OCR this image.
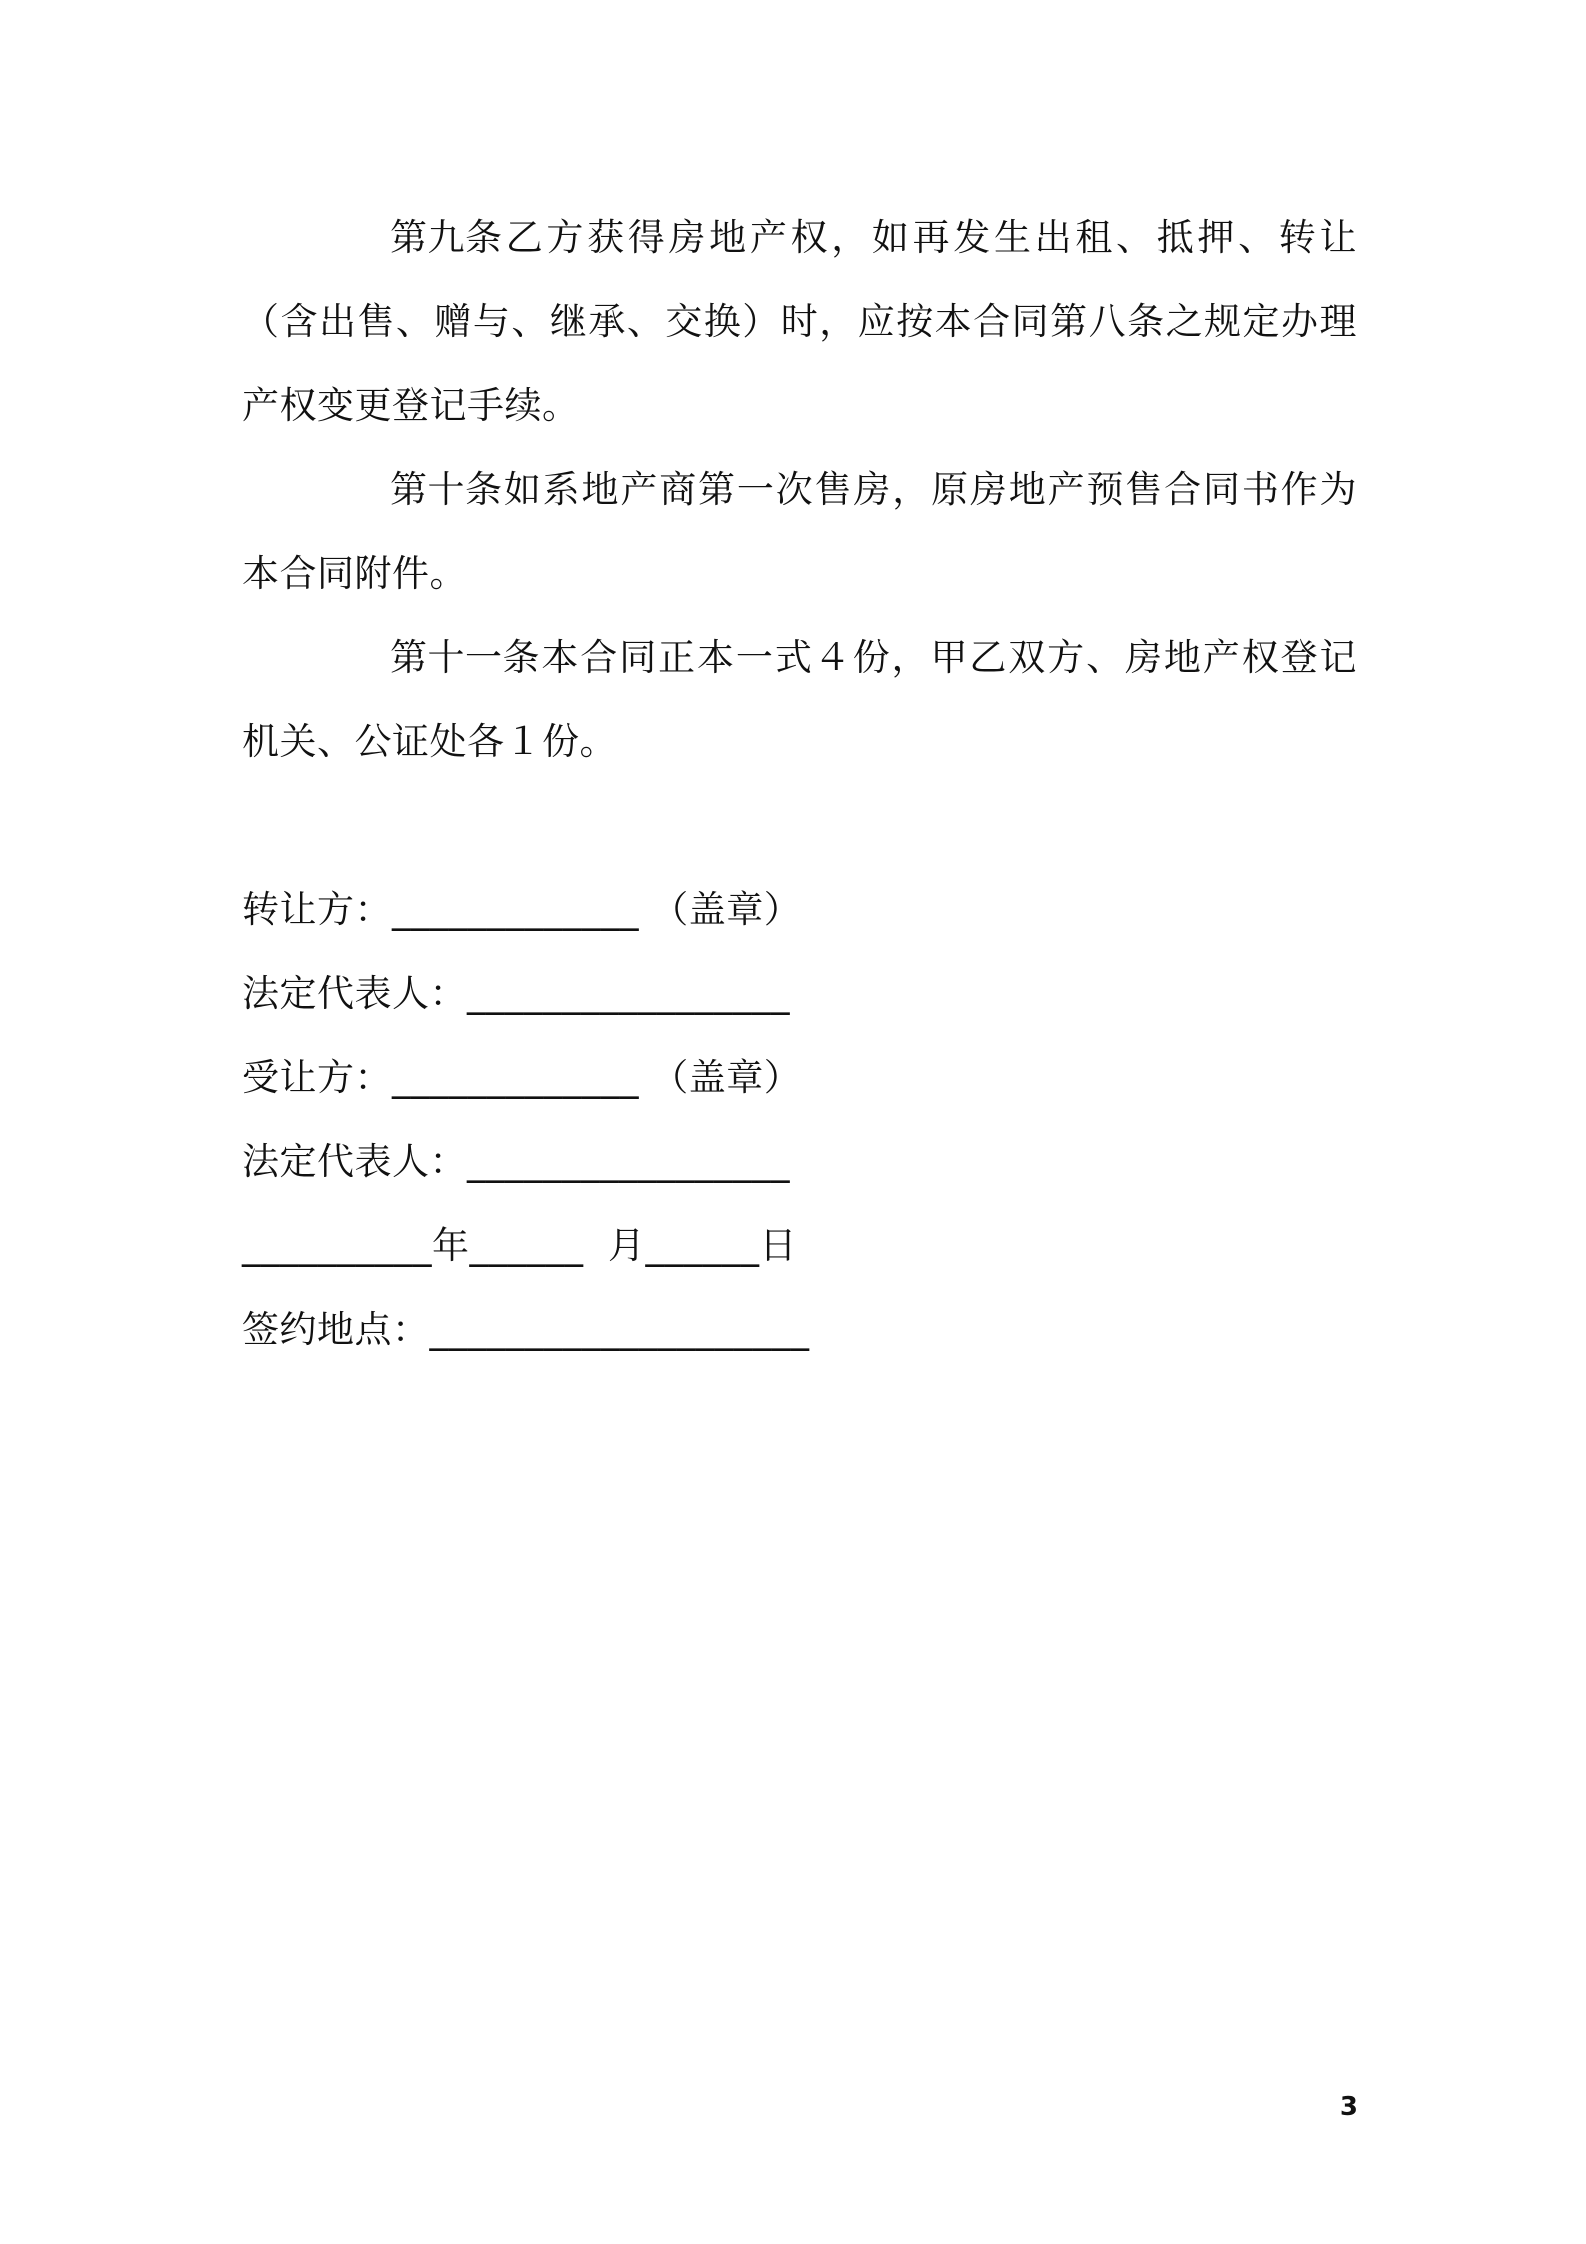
第九条乙方获得房地产权，如再发生出租、抵押、转让（含出售、赠与、继承、交换）时，应按本合同第八条之规定办理产权变更登记手续。

第十条如系地产商第一次售房，原房地产预售合同书作为本合同附件。

第十一条本合同正本一式４份，甲乙双方、房地产权登记机关、公证处各１份。

转让方：_____________ （盖章）

法定代表人：_________________

受让方：_____________ （盖章）

法定代表人：_________________

__________年______  月______日

签约地点：____________________

3
